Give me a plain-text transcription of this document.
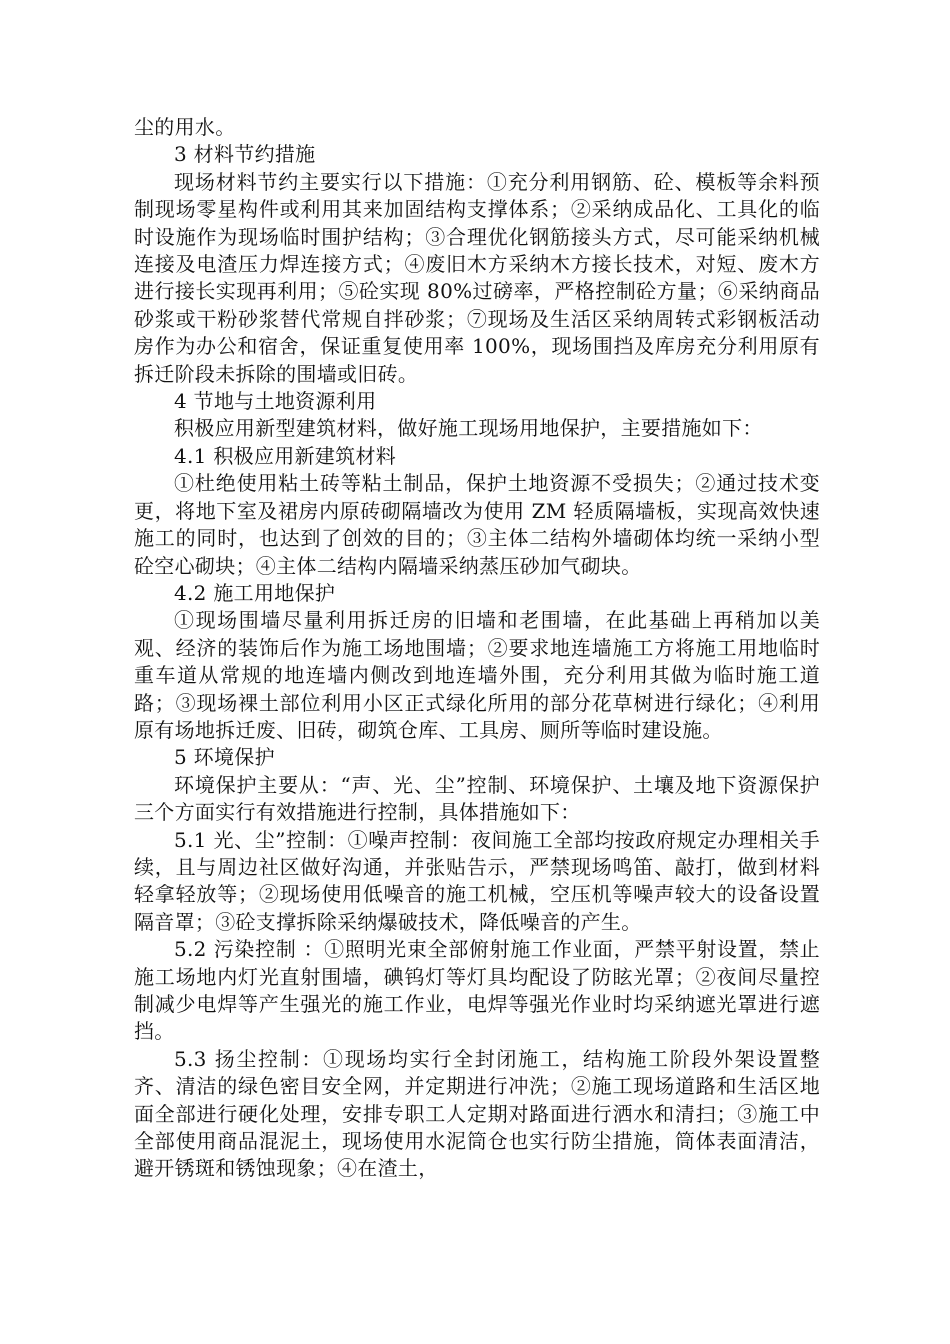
尘的用水。

3 材料节约措施

现场材料节约主要实行以下措施：①充分利用钢筋、砼、模板等余料预制现场零星构件或利用其来加固结构支撑体系；②采纳成品化、工具化的临时设施作为现场临时围护结构；③合理优化钢筋接头方式，尽可能采纳机械连接及电渣压力焊连接方式；④废旧木方采纳木方接长技术，对短、废木方进行接长实现再利用；⑤砼实现 80%过磅率，严格控制砼方量；⑥采纳商品砂浆或干粉砂浆替代常规自拌砂浆；⑦现场及生活区采纳周转式彩钢板活动房作为办公和宿舍，保证重复使用率 100%，现场围挡及库房充分利用原有拆迁阶段未拆除的围墙或旧砖。

4 节地与土地资源利用

积极应用新型建筑材料，做好施工现场用地保护，主要措施如下：

4.1 积极应用新建筑材料

①杜绝使用粘土砖等粘土制品，保护土地资源不受损失；②通过技术变更，将地下室及裙房内原砖砌隔墙改为使用 ZM 轻质隔墙板，实现高效快速施工的同时，也达到了创效的目的；③主体二结构外墙砌体均统一采纳小型砼空心砌块；④主体二结构内隔墙采纳蒸压砂加气砌块。

4.2 施工用地保护

①现场围墙尽量利用拆迁房的旧墙和老围墙，在此基础上再稍加以美观、经济的装饰后作为施工场地围墙；②要求地连墙施工方将施工用地临时重车道从常规的地连墙内侧改到地连墙外围，充分利用其做为临时施工道路；③现场裸土部位利用小区正式绿化所用的部分花草树进行绿化；④利用原有场地拆迁废、旧砖，砌筑仓库、工具房、厕所等临时建设施。

5 环境保护

环境保护主要从：“声、光、尘”控制、环境保护、土壤及地下资源保护三个方面实行有效措施进行控制，具体措施如下：

5.1 光、尘”控制：①噪声控制：夜间施工全部均按政府规定办理相关手续，且与周边社区做好沟通，并张贴告示，严禁现场鸣笛、敲打，做到材料轻拿轻放等；②现场使用低噪音的施工机械，空压机等噪声较大的设备设置隔音罩；③砼支撑拆除采纳爆破技术，降低噪音的产生。

5.2 污染控制 ：①照明光束全部俯射施工作业面，严禁平射设置，禁止施工场地内灯光直射围墙，碘钨灯等灯具均配设了防眩光罩；②夜间尽量控制减少电焊等产生强光的施工作业，电焊等强光作业时均采纳遮光罩进行遮挡。

5.3 扬尘控制：①现场均实行全封闭施工，结构施工阶段外架设置整齐、清洁的绿色密目安全网，并定期进行冲洗；②施工现场道路和生活区地面全部进行硬化处理，安排专职工人定期对路面进行洒水和清扫；③施工中全部使用商品混泥土，现场使用水泥筒仓也实行防尘措施，筒体表面清洁，避开锈斑和锈蚀现象；④在渣土，
